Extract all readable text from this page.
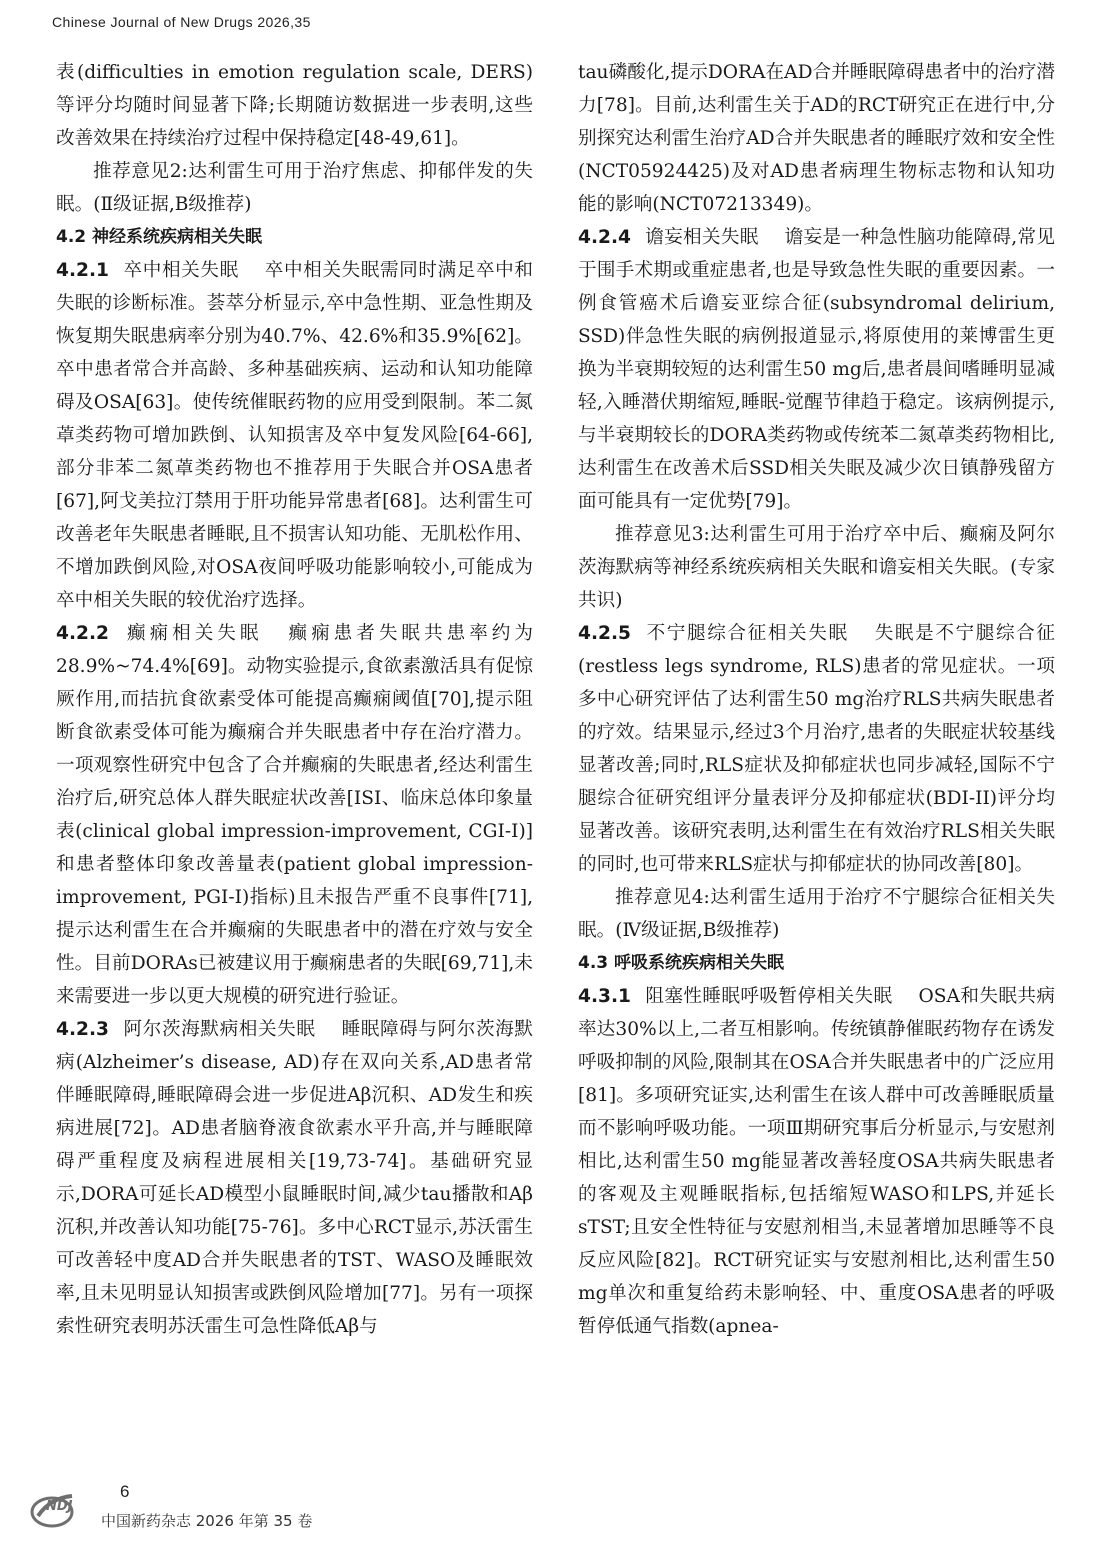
Chinese Journal of New Drugs 2026,35

表(difficulties in emotion regulation scale, DERS)等评分均随时间显著下降;长期随访数据进一步表明,这些改善效果在持续治疗过程中保持稳定[48-49,61]。

推荐意见2:达利雷生可用于治疗焦虑、抑郁伴发的失眠。(Ⅱ级证据,B级推荐)

4.2 神经系统疾病相关失眠

4.2.1 卒中相关失眠 卒中相关失眠需同时满足卒中和失眠的诊断标准。荟萃分析显示,卒中急性期、亚急性期及恢复期失眠患病率分别为40.7%、42.6%和35.9%[62]。卒中患者常合并高龄、多种基础疾病、运动和认知功能障碍及OSA[63]。使传统催眠药物的应用受到限制。苯二氮䓬类药物可增加跌倒、认知损害及卒中复发风险[64-66],部分非苯二氮䓬类药物也不推荐用于失眠合并OSA患者[67],阿戈美拉汀禁用于肝功能异常患者[68]。达利雷生可改善老年失眠患者睡眠,且不损害认知功能、无肌松作用、不增加跌倒风险,对OSA夜间呼吸功能影响较小,可能成为卒中相关失眠的较优治疗选择。

4.2.2 癫痫相关失眠 癫痫患者失眠共患率约为28.9%~74.4%[69]。动物实验提示,食欲素激活具有促惊厥作用,而拮抗食欲素受体可能提高癫痫阈值[70],提示阻断食欲素受体可能为癫痫合并失眠患者中存在治疗潜力。一项观察性研究中包含了合并癫痫的失眠患者,经达利雷生治疗后,研究总体人群失眠症状改善[ISI、临床总体印象量表(clinical global impression-improvement, CGI-I)]和患者整体印象改善量表(patient global impression-improvement, PGI-I)指标)且未报告严重不良事件[71],提示达利雷生在合并癫痫的失眠患者中的潜在疗效与安全性。目前DORAs已被建议用于癫痫患者的失眠[69,71],未来需要进一步以更大规模的研究进行验证。

4.2.3 阿尔茨海默病相关失眠 睡眠障碍与阿尔茨海默病(Alzheimer’s disease, AD)存在双向关系,AD患者常伴睡眠障碍,睡眠障碍会进一步促进Aβ沉积、AD发生和疾病进展[72]。AD患者脑脊液食欲素水平升高,并与睡眠障碍严重程度及病程进展相关[19,73-74]。基础研究显示,DORA可延长AD模型小鼠睡眠时间,减少tau播散和Aβ沉积,并改善认知功能[75-76]。多中心RCT显示,苏沃雷生可改善轻中度AD合并失眠患者的TST、WASO及睡眠效率,且未见明显认知损害或跌倒风险增加[77]。另有一项探索性研究表明苏沃雷生可急性降低Aβ与

tau磷酸化,提示DORA在AD合并睡眠障碍患者中的治疗潜力[78]。目前,达利雷生关于AD的RCT研究正在进行中,分别探究达利雷生治疗AD合并失眠患者的睡眠疗效和安全性(NCT05924425)及对AD患者病理生物标志物和认知功能的影响(NCT07213349)。

4.2.4 谵妄相关失眠 谵妄是一种急性脑功能障碍,常见于围手术期或重症患者,也是导致急性失眠的重要因素。一例食管癌术后谵妄亚综合征(subsyndromal delirium, SSD)伴急性失眠的病例报道显示,将原使用的莱博雷生更换为半衰期较短的达利雷生50 mg后,患者晨间嗜睡明显减轻,入睡潜伏期缩短,睡眠-觉醒节律趋于稳定。该病例提示,与半衰期较长的DORA类药物或传统苯二氮䓬类药物相比,达利雷生在改善术后SSD相关失眠及减少次日镇静残留方面可能具有一定优势[79]。

推荐意见3:达利雷生可用于治疗卒中后、癫痫及阿尔茨海默病等神经系统疾病相关失眠和谵妄相关失眠。(专家共识)

4.2.5 不宁腿综合征相关失眠 失眠是不宁腿综合征(restless legs syndrome, RLS)患者的常见症状。一项多中心研究评估了达利雷生50 mg治疗RLS共病失眠患者的疗效。结果显示,经过3个月治疗,患者的失眠症状较基线显著改善;同时,RLS症状及抑郁症状也同步减轻,国际不宁腿综合征研究组评分量表评分及抑郁症状(BDI-II)评分均显著改善。该研究表明,达利雷生在有效治疗RLS相关失眠的同时,也可带来RLS症状与抑郁症状的协同改善[80]。

推荐意见4:达利雷生适用于治疗不宁腿综合征相关失眠。(Ⅳ级证据,B级推荐)

4.3 呼吸系统疾病相关失眠

4.3.1 阻塞性睡眠呼吸暂停相关失眠 OSA和失眠共病率达30%以上,二者互相影响。传统镇静催眠药物存在诱发呼吸抑制的风险,限制其在OSA合并失眠患者中的广泛应用[81]。多项研究证实,达利雷生在该人群中可改善睡眠质量而不影响呼吸功能。一项Ⅲ期研究事后分析显示,与安慰剂相比,达利雷生50 mg能显著改善轻度OSA共病失眠患者的客观及主观睡眠指标,包括缩短WASO和LPS,并延长sTST;且安全性特征与安慰剂相当,未显著增加思睡等不良反应风险[82]。RCT研究证实与安慰剂相比,达利雷生50 mg单次和重复给药未影响轻、中、重度OSA患者的呼吸暂停低通气指数(apnea-

NDJ
6
中国新药杂志 2026 年第 35 卷
